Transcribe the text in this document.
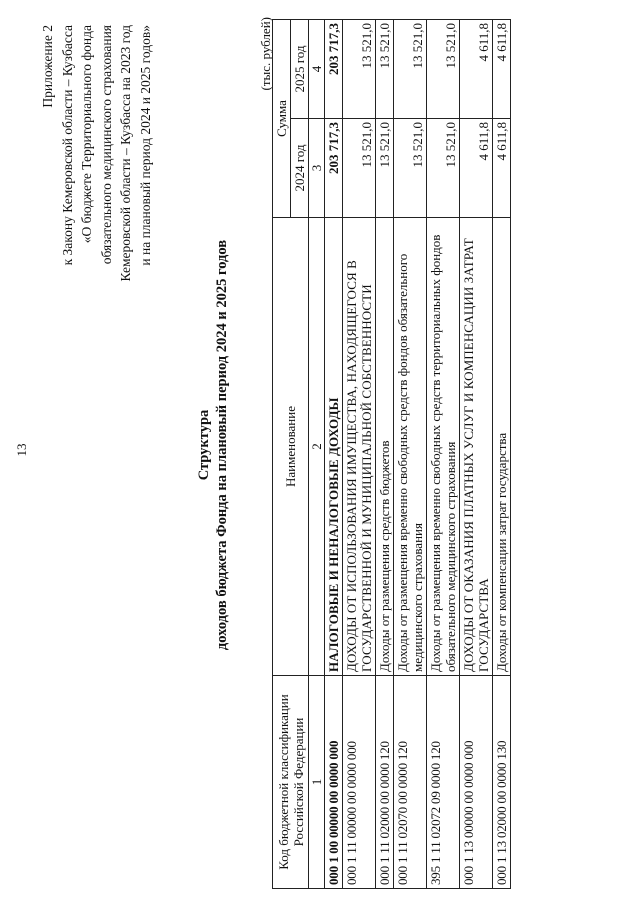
13
Приложение 2 к Закону Кемеровской области – Кузбасса «О бюджете Территориального фонда обязательного медицинского страхования Кемеровской области – Кузбасса на 2023 год и на плановый период 2024 и 2025 годов»
Структура доходов бюджета Фонда на плановый период 2024 и 2025 годов
(тыс. рублей)
Код бюджетной классификации Российской Федерации	Наименование	Сумма	
		2024 год	2025 год
1	2	3	4
000 1 00 00000 00 0000 000	НАЛОГОВЫЕ И НЕНАЛОГОВЫЕ ДОХОДЫ	203 717,3	203 717,3
000 1 11 00000 00 0000 000	ДОХОДЫ ОТ ИСПОЛЬЗОВАНИЯ ИМУЩЕСТВА, НАХОДЯЩЕГОСЯ В ГОСУДАРСТВЕННОЙ И МУНИЦИПАЛЬНОЙ СОБСТВЕННОСТИ	13 521,0	13 521,0
000 1 11 02000 00 0000 120	Доходы от размещения средств бюджетов	13 521,0	13 521,0
000 1 11 02070 00 0000 120	Доходы от размещения временно свободных средств фондов обязательного медицинского страхования	13 521,0	13 521,0
395 1 11 02072 09 0000 120	Доходы от размещения временно свободных средств территориальных фондов обязательного медицинского страхования	13 521,0	13 521,0
000 1 13 00000 00 0000 000	ДОХОДЫ ОТ ОКАЗАНИЯ ПЛАТНЫХ УСЛУГ И КОМПЕНСАЦИИ ЗАТРАТ ГОСУДАРСТВА	4 611,8	4 611,8
000 1 13 02000 00 0000 130	Доходы от компенсации затрат государства	4 611,8	4 611,8
